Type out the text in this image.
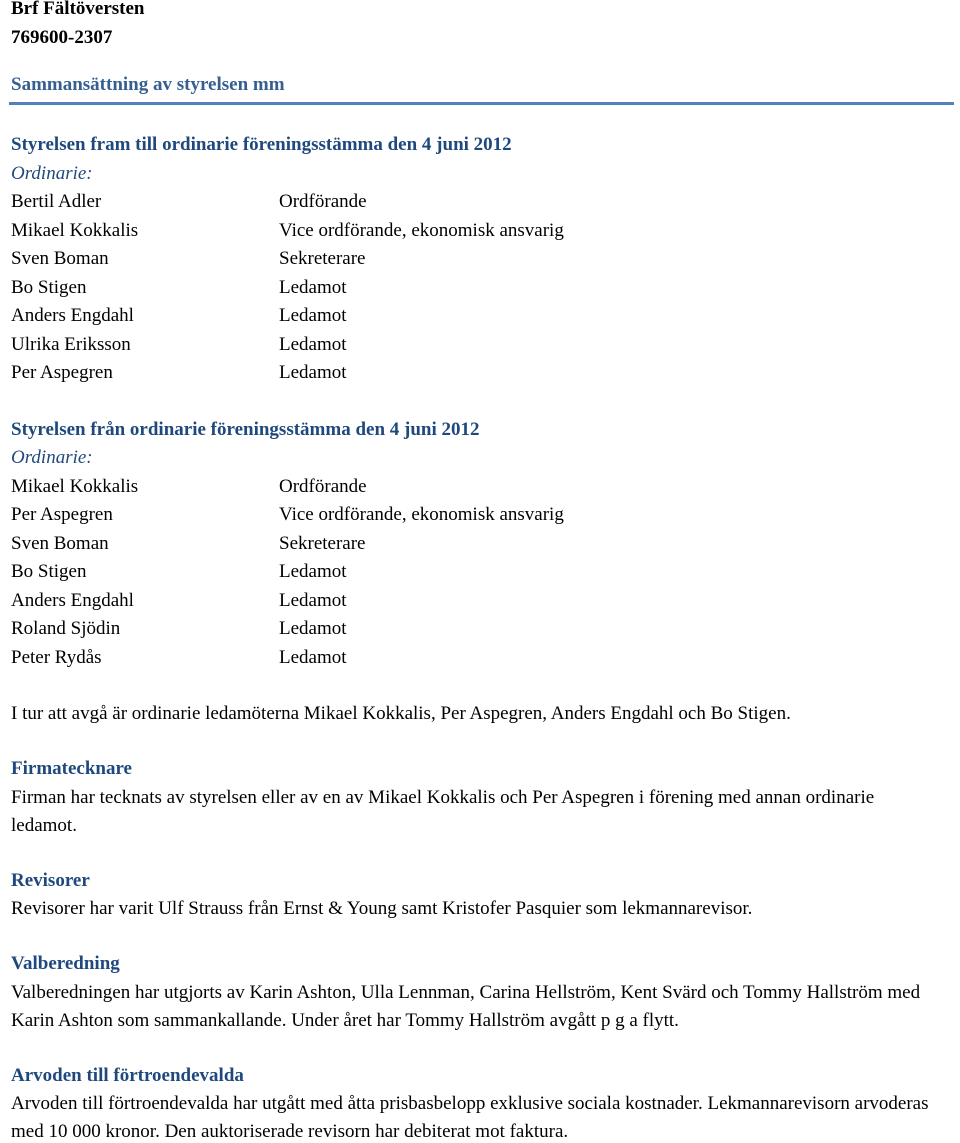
Brf Fältöversten
769600-2307
Sammansättning av styrelsen mm
Styrelsen fram till ordinarie föreningsstämma den 4 juni 2012
Ordinarie:
Bertil Adler	Ordförande
Mikael Kokkalis	Vice ordförande, ekonomisk ansvarig
Sven Boman	Sekreterare
Bo Stigen	Ledamot
Anders Engdahl	Ledamot
Ulrika Eriksson	Ledamot
Per Aspegren	Ledamot
Styrelsen från ordinarie föreningsstämma den 4 juni 2012
Ordinarie:
Mikael Kokkalis	Ordförande
Per Aspegren	Vice ordförande, ekonomisk ansvarig
Sven Boman	Sekreterare
Bo Stigen	Ledamot
Anders Engdahl	Ledamot
Roland Sjödin	Ledamot
Peter Rydås	Ledamot
I tur att avgå är ordinarie ledamöterna Mikael Kokkalis, Per Aspegren, Anders Engdahl och Bo Stigen.
Firmatecknare
Firman har tecknats av styrelsen eller av en av Mikael Kokkalis och Per Aspegren i förening med annan ordinarie ledamot.
Revisorer
Revisorer har varit Ulf Strauss från Ernst & Young samt Kristofer Pasquier som lekmannarevisor.
Valberedning
Valberedningen har utgjorts av Karin Ashton, Ulla Lennman, Carina Hellström, Kent Svärd och Tommy Hallström med Karin Ashton som sammankallande. Under året har Tommy Hallström avgått p g a flytt.
Arvoden till förtroendevalda
Arvoden till förtroendevalda har utgått med åtta prisbasbelopp exklusive sociala kostnader. Lekmannarevisorn arvoderas med 10 000 kronor. Den auktoriserade revisorn har debiterat mot faktura.
